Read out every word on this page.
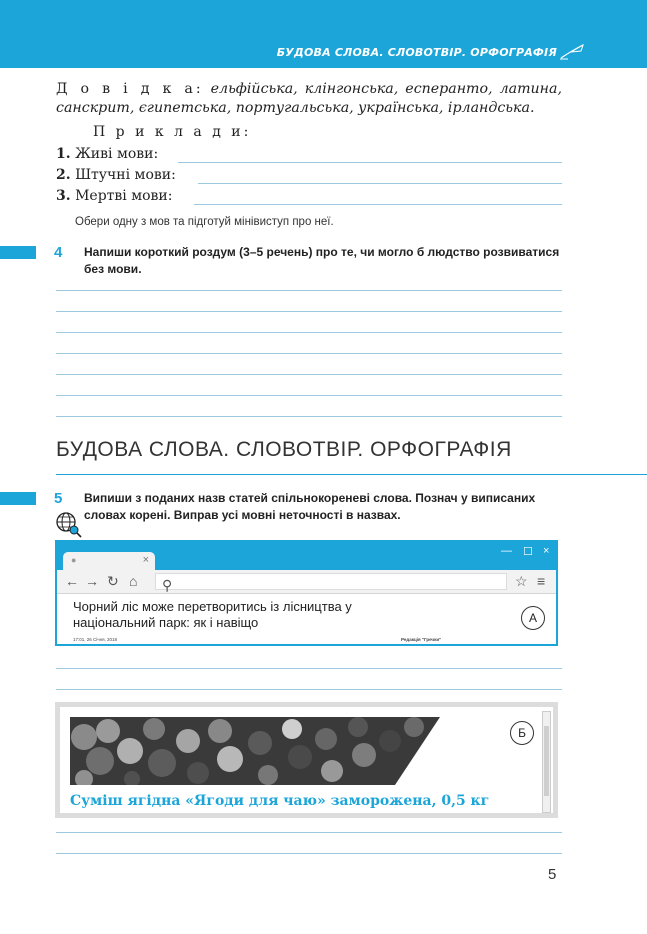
БУДОВА СЛОВА. СЛОВОТВІР. ОРФОГРАФІЯ
Д о в і д к а: ельфійська, клінгонська, есперанто, латина, санскрит, єгипетська, португальська, українська, ірландська.
П р и к л а д и:
1. Живі мови:
2. Штучні мови:
3. Мертві мови:
Обери одну з мов та підготуй мінівиступ про неї.
4 Напиши короткий роздум (3–5 речень) про те, чи могло б людство розвиватися без мови.
БУДОВА СЛОВА. СЛОВОТВІР. ОРФОГРАФІЯ
5 Випиши з поданих назв статей спільнокореневі слова. Познач у виписаних словах корені. Виправ усі мовні неточності в назвах.
●	×
— ☐ ×
← → ↻ ⌂ ⚲	☆ ≡
Чорний ліс може перетворитись із лісництва у національний парк: як і навіщо
17:01, 26 Січня, 2018	Редакція "Гречки"
А
Б
Суміш ягідна «Ягоди для чаю» заморожена, 0,5 кг
5
